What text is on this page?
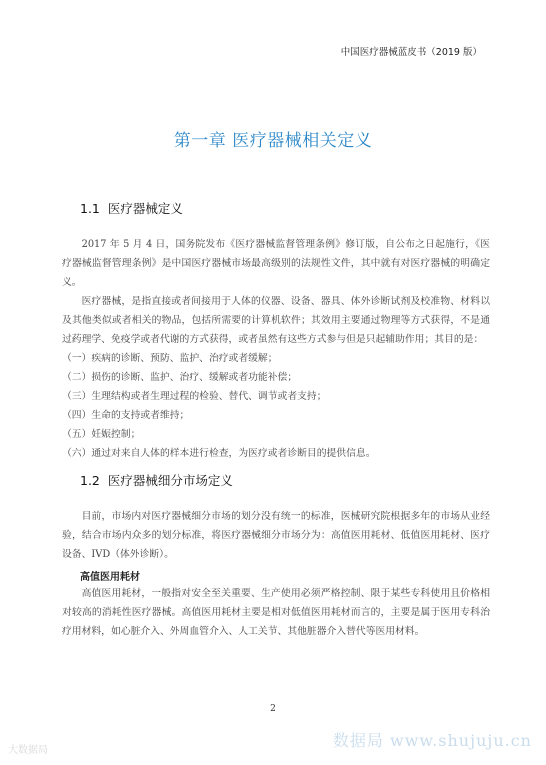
中国医疗器械蓝皮书（2019 版）
第一章 医疗器械相关定义
1.1 医疗器械定义
2017 年 5 月 4 日，国务院发布《医疗器械监督管理条例》修订版，自公布之日起施行，《医疗器械监督管理条例》是中国医疗器械市场最高级别的法规性文件，其中就有对医疗器械的明确定义。
医疗器械，是指直接或者间接用于人体的仪器、设备、器具、体外诊断试剂及校准物、材料以及其他类似或者相关的物品，包括所需要的计算机软件；其效用主要通过物理等方式获得，不是通过药理学、免疫学或者代谢的方式获得，或者虽然有这些方式参与但是只起辅助作用；其目的是：
（一）疾病的诊断、预防、监护、治疗或者缓解；
（二）损伤的诊断、监护、治疗、缓解或者功能补偿；
（三）生理结构或者生理过程的检验、替代、调节或者支持；
（四）生命的支持或者维持；
（五）妊娠控制；
（六）通过对来自人体的样本进行检查，为医疗或者诊断目的提供信息。
1.2 医疗器械细分市场定义
目前，市场内对医疗器械细分市场的划分没有统一的标准，医械研究院根据多年的市场从业经验，结合市场内众多的划分标准，将医疗器械细分市场分为：高值医用耗材、低值医用耗材、医疗设备、IVD（体外诊断）。
高值医用耗材
高值医用耗材，一般指对安全至关重要、生产使用必须严格控制、限于某些专科使用且价格相对较高的消耗性医疗器械。高值医用耗材主要是相对低值医用耗材而言的，主要是属于医用专科治疗用材料，如心脏介入、外周血管介入、人工关节、其他脏器介入替代等医用材料。
2
大数据局
数据局 www.shujuju.cn
